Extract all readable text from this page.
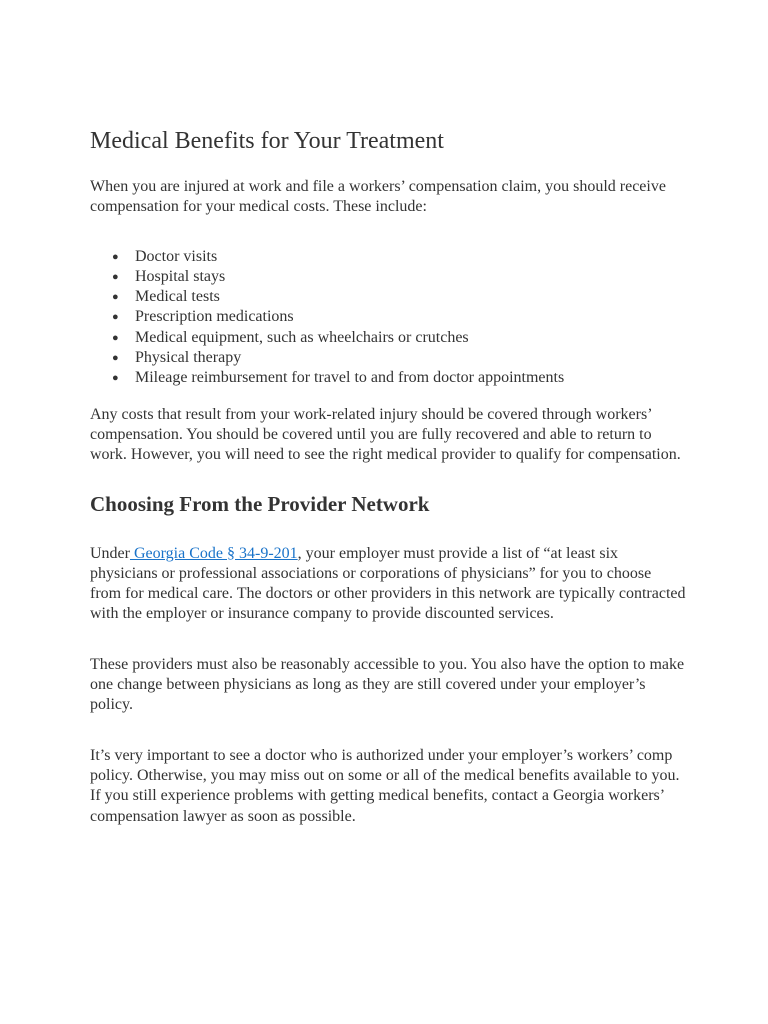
Medical Benefits for Your Treatment

When you are injured at work and file a workers’ compensation claim, you should receive compensation for your medical costs. These include:

● Doctor visits
● Hospital stays
● Medical tests
● Prescription medications
● Medical equipment, such as wheelchairs or crutches
● Physical therapy
● Mileage reimbursement for travel to and from doctor appointments

Any costs that result from your work-related injury should be covered through workers’ compensation. You should be covered until you are fully recovered and able to return to work. However, you will need to see the right medical provider to qualify for compensation.

Choosing From the Provider Network

Under Georgia Code § 34-9-201, your employer must provide a list of “at least six physicians or professional associations or corporations of physicians” for you to choose from for medical care. The doctors or other providers in this network are typically contracted with the employer or insurance company to provide discounted services.

These providers must also be reasonably accessible to you. You also have the option to make one change between physicians as long as they are still covered under your employer’s policy.

It’s very important to see a doctor who is authorized under your employer’s workers’ comp policy. Otherwise, you may miss out on some or all of the medical benefits available to you. If you still experience problems with getting medical benefits, contact a Georgia workers’ compensation lawyer as soon as possible.
